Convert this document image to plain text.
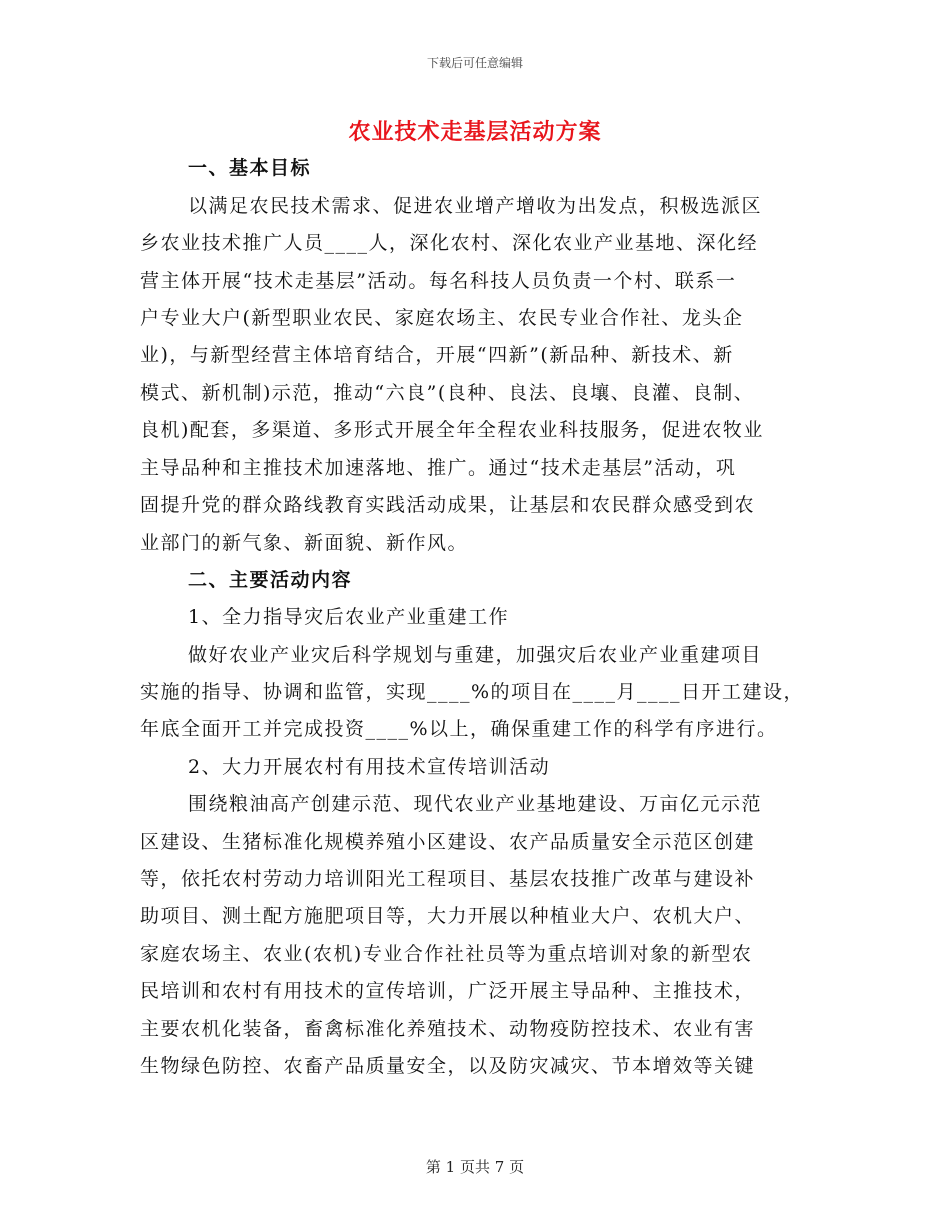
下载后可任意编辑
农业技术走基层活动方案
一、基本目标
以满足农民技术需求、促进农业增产增收为出发点，积极选派区
乡农业技术推广人员____人，深化农村、深化农业产业基地、深化经
营主体开展“技术走基层”活动。每名科技人员负责一个村、联系一
户专业大户(新型职业农民、家庭农场主、农民专业合作社、龙头企
业)，与新型经营主体培育结合，开展“四新”(新品种、新技术、新
模式、新机制)示范，推动“六良”(良种、良法、良壤、良灌、良制、
良机)配套，多渠道、多形式开展全年全程农业科技服务，促进农牧业
主导品种和主推技术加速落地、推广。通过“技术走基层”活动，巩
固提升党的群众路线教育实践活动成果，让基层和农民群众感受到农
业部门的新气象、新面貌、新作风。
二、主要活动内容
1、全力指导灾后农业产业重建工作
做好农业产业灾后科学规划与重建，加强灾后农业产业重建项目
实施的指导、协调和监管，实现____%的项目在____月____日开工建设，
年底全面开工并完成投资____%以上，确保重建工作的科学有序进行。
2、大力开展农村有用技术宣传培训活动
围绕粮油高产创建示范、现代农业产业基地建设、万亩亿元示范
区建设、生猪标准化规模养殖小区建设、农产品质量安全示范区创建
等，依托农村劳动力培训阳光工程项目、基层农技推广改革与建设补
助项目、测土配方施肥项目等，大力开展以种植业大户、农机大户、
家庭农场主、农业(农机)专业合作社社员等为重点培训对象的新型农
民培训和农村有用技术的宣传培训，广泛开展主导品种、主推技术，
主要农机化装备，畜禽标准化养殖技术、动物疫防控技术、农业有害
生物绿色防控、农畜产品质量安全，以及防灾减灾、节本增效等关键
第 1 页共 7 页
